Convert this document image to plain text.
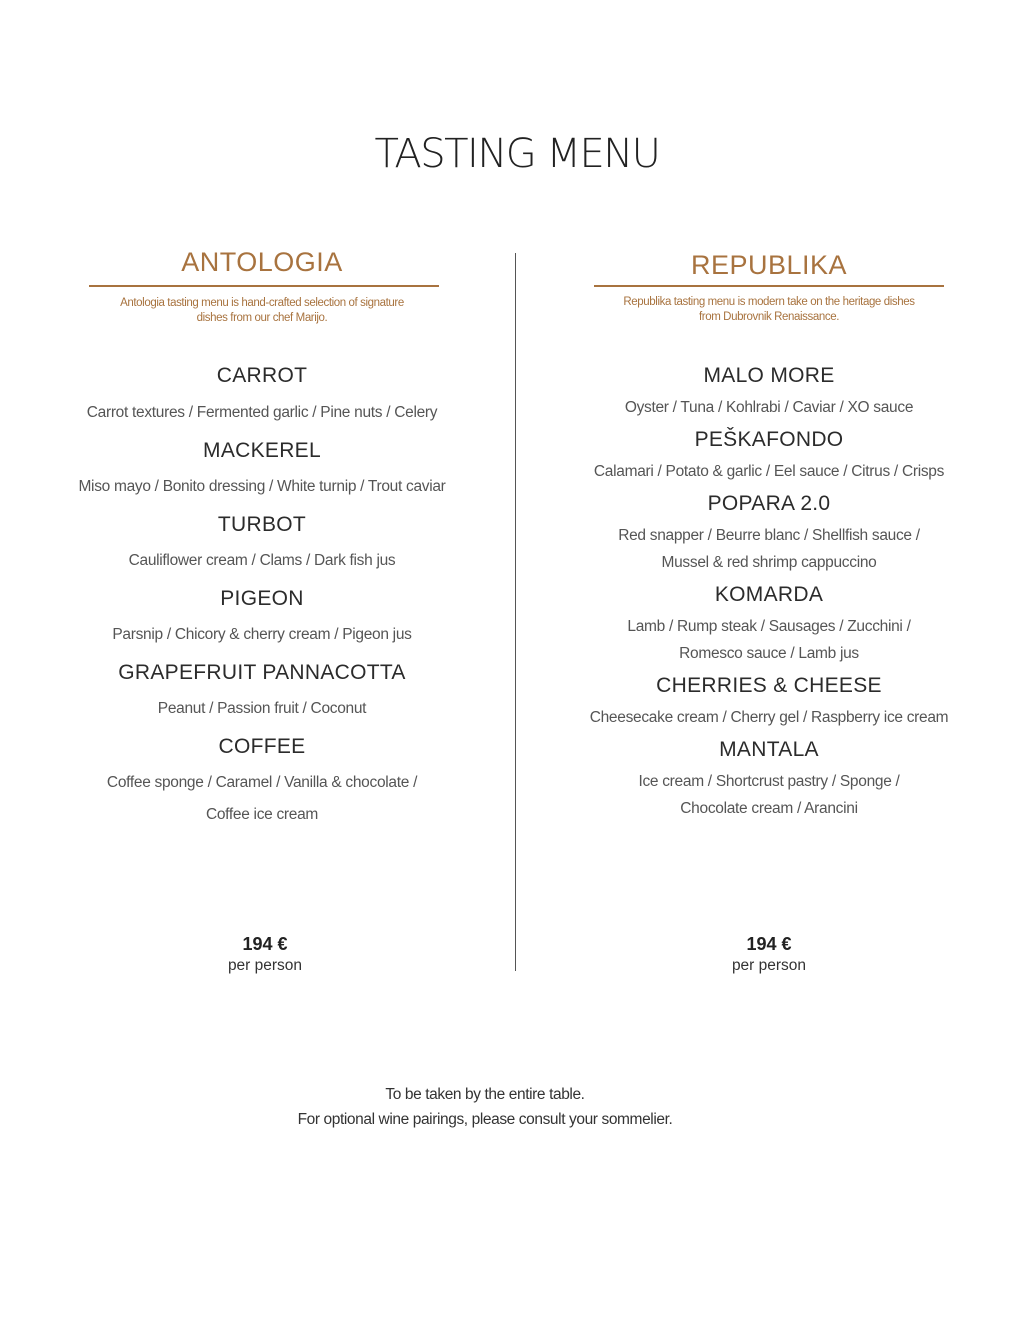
TASTING MENU
ANTOLOGIA
Antologia tasting menu is hand-crafted selection of signature
dishes from our chef Marijo.
CARROT
Carrot textures / Fermented garlic / Pine nuts / Celery
MACKEREL
Miso mayo / Bonito dressing / White turnip / Trout caviar
TURBOT
Cauliflower cream / Clams / Dark fish jus
PIGEON
Parsnip / Chicory & cherry cream / Pigeon jus
GRAPEFRUIT PANNACOTTA
Peanut / Passion fruit / Coconut
COFFEE
Coffee sponge / Caramel / Vanilla & chocolate /
Coffee ice cream
194 €
per person
REPUBLIKA
Republika tasting menu is modern take on the heritage dishes
from Dubrovnik Renaissance.
MALO MORE
Oyster / Tuna / Kohlrabi / Caviar / XO sauce
PEŠKAFONDO
Calamari / Potato & garlic / Eel sauce / Citrus / Crisps
POPARA 2.0
Red snapper / Beurre blanc / Shellfish sauce /
Mussel & red shrimp cappuccino
KOMARDA
Lamb / Rump steak / Sausages / Zucchini /
Romesco sauce / Lamb jus
CHERRIES & CHEESE
Cheesecake cream / Cherry gel / Raspberry ice cream
MANTALA
Ice cream / Shortcrust pastry / Sponge /
Chocolate cream / Arancini
194 €
per person
To be taken by the entire table.
For optional wine pairings, please consult your sommelier.
